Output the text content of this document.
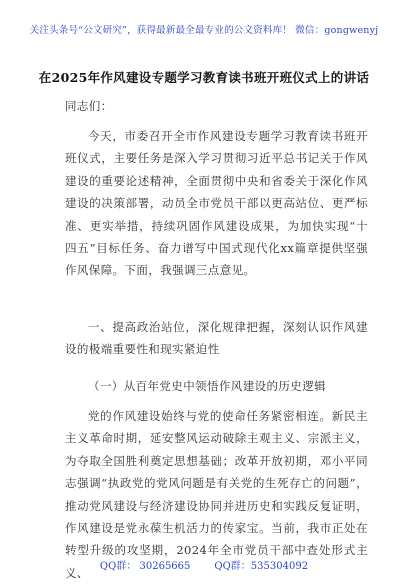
关注头条号“公文研究”，获得最新最全最专业的公文资料库！ 微信：gongwenyj
在2025年作风建设专题学习教育读书班开班仪式上的讲话
同志们：
今天，市委召开全市作风建设专题学习教育读书班开班仪式，主要任务是深入学习贯彻习近平总书记关于作风建设的重要论述精神，全面贯彻中央和省委关于深化作风建设的决策部署，动员全市党员干部以更高站位、更严标准、更实举措，持续巩固作风建设成果，为加快实现“十四五”目标任务、奋力谱写中国式现代化xx篇章提供坚强作风保障。下面，我强调三点意见。
一、提高政治站位，深化规律把握，深刻认识作风建设的极端重要性和现实紧迫性
（一）从百年党史中领悟作风建设的历史逻辑
党的作风建设始终与党的使命任务紧密相连。新民主主义革命时期，延安整风运动破除主观主义、宗派主义，为夺取全国胜利奠定思想基础；改革开放初期，邓小平同志强调“执政党的党风问题是有关党的生死存亡的问题”，推动党风建设与经济建设协同并进历史和实践反复证明，作风建设是党永葆生机活力的传家宝。当前，我市正处在转型升级的攻坚期，2024年全市党员干部中查处形式主义、	QQ群： 30265665 QQ群：535304092
